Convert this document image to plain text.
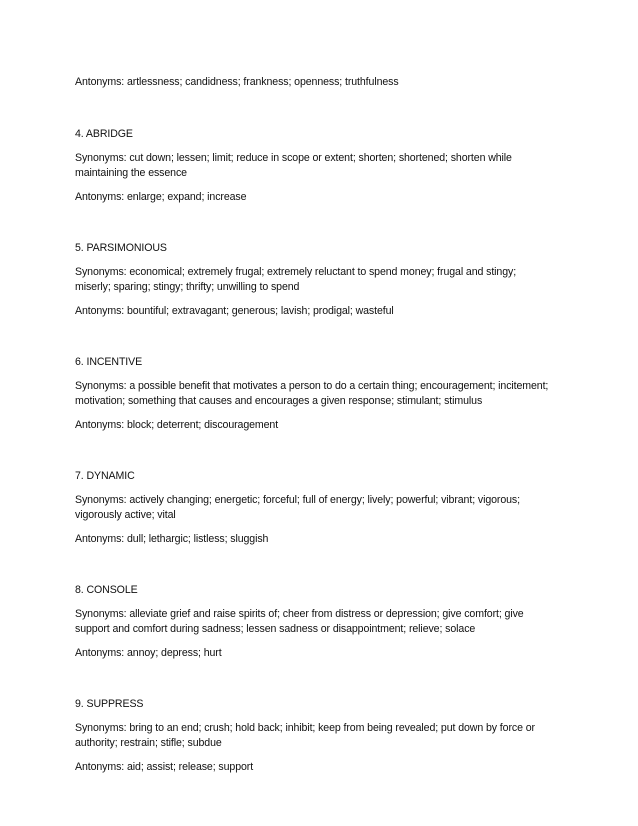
Antonyms: artlessness; candidness; frankness; openness; truthfulness

4. ABRIDGE

Synonyms: cut down; lessen; limit; reduce in scope or extent; shorten; shortened; shorten while

maintaining the essence

Antonyms: enlarge; expand; increase

5. PARSIMONIOUS

Synonyms: economical; extremely frugal; extremely reluctant to spend money; frugal and stingy;

miserly; sparing; stingy; thrifty; unwilling to spend

Antonyms: bountiful; extravagant; generous; lavish; prodigal; wasteful

6. INCENTIVE

Synonyms: a possible benefit that motivates a person to do a certain thing; encouragement; incitement;

motivation; something that causes and encourages a given response; stimulant; stimulus

Antonyms: block; deterrent; discouragement

7. DYNAMIC

Synonyms: actively changing; energetic; forceful; full of energy; lively; powerful; vibrant; vigorous;

vigorously active; vital

Antonyms: dull; lethargic; listless; sluggish

8. CONSOLE

Synonyms: alleviate grief and raise spirits of; cheer from distress or depression; give comfort; give

support and comfort during sadness; lessen sadness or disappointment; relieve; solace

Antonyms: annoy; depress; hurt

9. SUPPRESS

Synonyms: bring to an end; crush; hold back; inhibit; keep from being revealed; put down by force or

authority; restrain; stifle; subdue

Antonyms: aid; assist; release; support
